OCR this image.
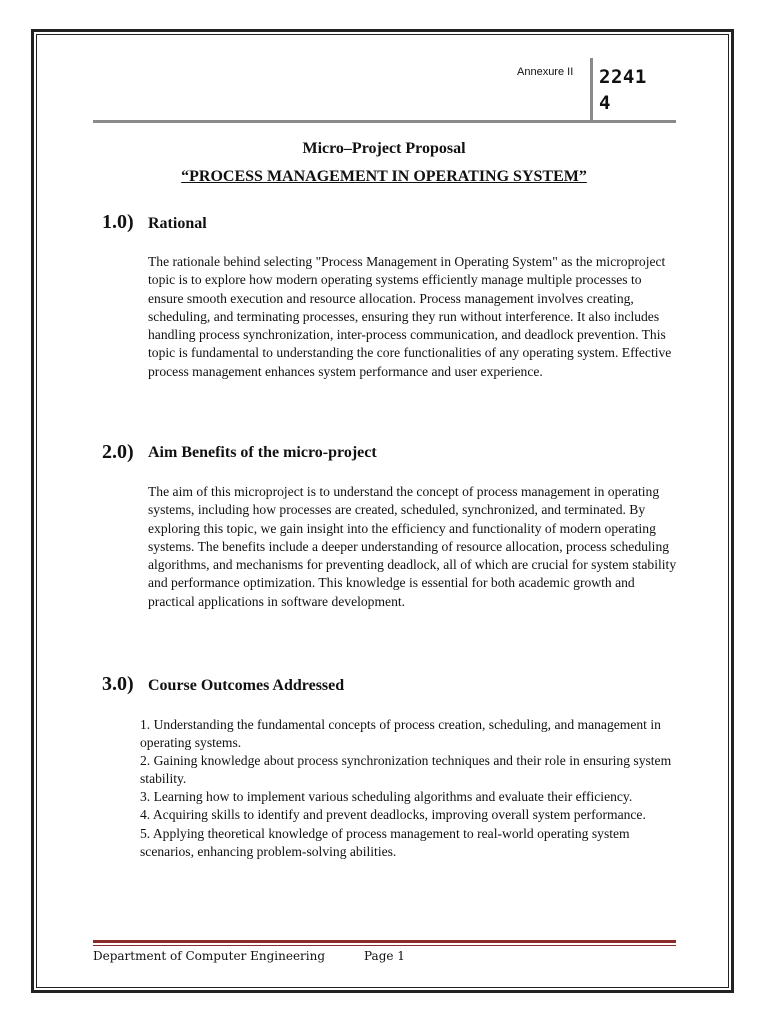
Annexure II 2241
4
Micro–Project Proposal
“PROCESS MANAGEMENT IN OPERATING SYSTEM”
1.0) Rational
The rationale behind selecting "Process Management in Operating System" as the microproject topic is to explore how modern operating systems efficiently manage multiple processes to ensure smooth execution and resource allocation. Process management involves creating, scheduling, and terminating processes, ensuring they run without interference. It also includes handling process synchronization, inter-process communication, and deadlock prevention. This topic is fundamental to understanding the core functionalities of any operating system. Effective process management enhances system performance and user experience.
2.0) Aim Benefits of the micro-project
The aim of this microproject is to understand the concept of process management in operating systems, including how processes are created, scheduled, synchronized, and terminated. By exploring this topic, we gain insight into the efficiency and functionality of modern operating systems. The benefits include a deeper understanding of resource allocation, process scheduling algorithms, and mechanisms for preventing deadlock, all of which are crucial for system stability and performance optimization. This knowledge is essential for both academic growth and practical applications in software development.
3.0) Course Outcomes Addressed
1. Understanding the fundamental concepts of process creation, scheduling, and management in operating systems.
2. Gaining knowledge about process synchronization techniques and their role in ensuring system stability.
3. Learning how to implement various scheduling algorithms and evaluate their efficiency.
4. Acquiring skills to identify and prevent deadlocks, improving overall system performance.
5. Applying theoretical knowledge of process management to real-world operating system scenarios, enhancing problem-solving abilities.
Department of Computer Engineering	Page 1
